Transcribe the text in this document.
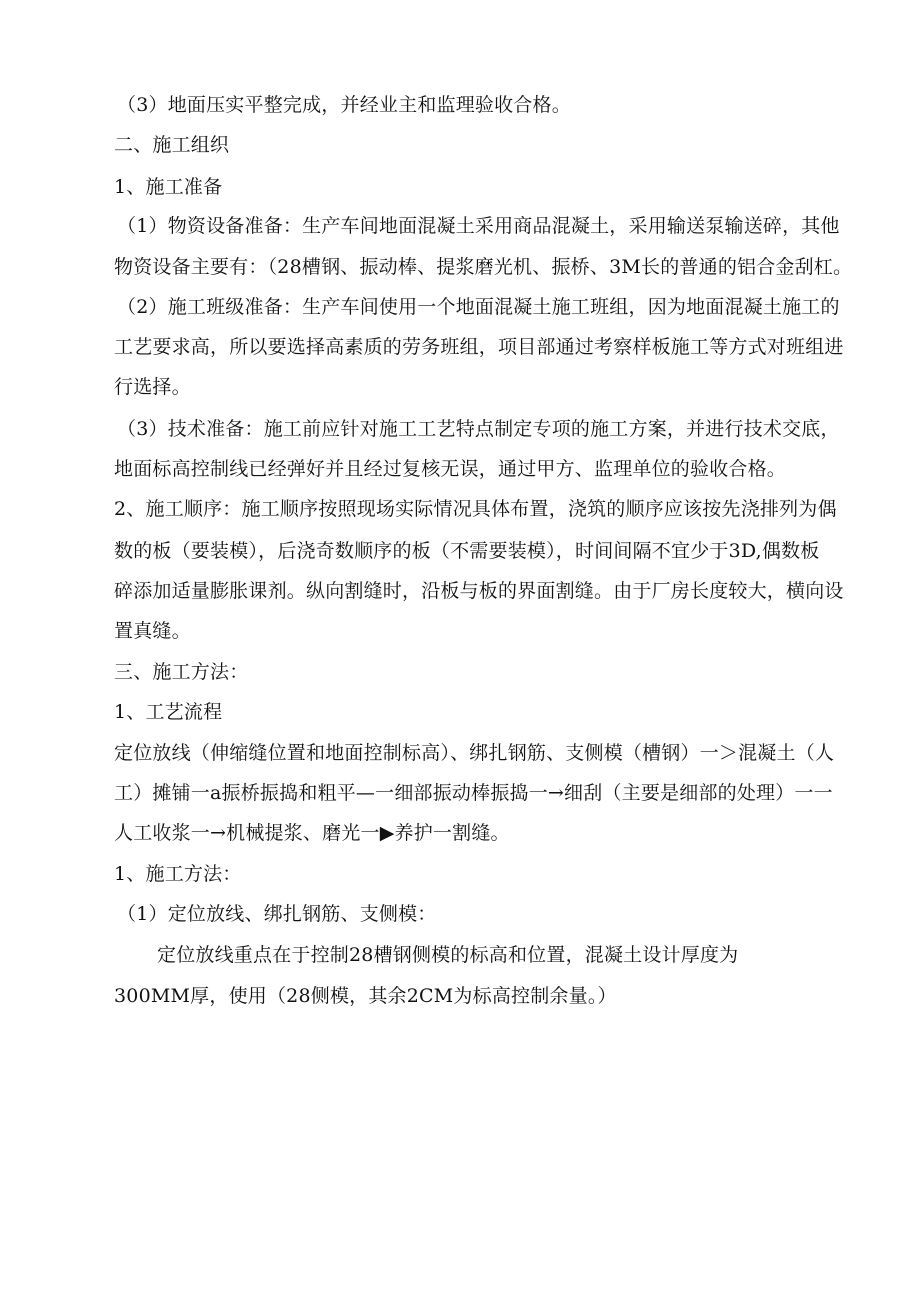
（3）地面压实平整完成，并经业主和监理验收合格。
二、施工组织
1、施工准备
（1）物资设备准备：生产车间地面混凝土采用商品混凝土，采用输送泵输送碎，其他
物资设备主要有：（28槽钢、振动棒、提浆磨光机、振桥、3M长的普通的铝合金刮杠。
（2）施工班级准备：生产车间使用一个地面混凝土施工班组，因为地面混凝土施工的
工艺要求高，所以要选择高素质的劳务班组，项目部通过考察样板施工等方式对班组进
行选择。
（3）技术准备：施工前应针对施工工艺特点制定专项的施工方案，并进行技术交底，
地面标高控制线已经弹好并且经过复核无误，通过甲方、监理单位的验收合格。
2、施工顺序：施工顺序按照现场实际情况具体布置，浇筑的顺序应该按先浇排列为偶
数的板（要装模），后浇奇数顺序的板（不需要装模），时间间隔不宜少于3D,偶数板
碎添加适量膨胀课剂。纵向割缝时，沿板与板的界面割缝。由于厂房长度较大，横向设
置真缝。
三、施工方法：
1、工艺流程
定位放线（伸缩缝位置和地面控制标高）、绑扎钢筋、支侧模（槽钢）一＞混凝土（人
工）摊铺一a振桥振捣和粗平—一细部振动棒振捣一→细刮（主要是细部的处理）一一
人工收浆一→机械提浆、磨光一▶养护一割缝。
1、施工方法：
（1）定位放线、绑扎钢筋、支侧模：
定位放线重点在于控制28槽钢侧模的标高和位置，混凝土设计厚度为
300MM厚，使用（28侧模，其余2CM为标高控制余量。）
